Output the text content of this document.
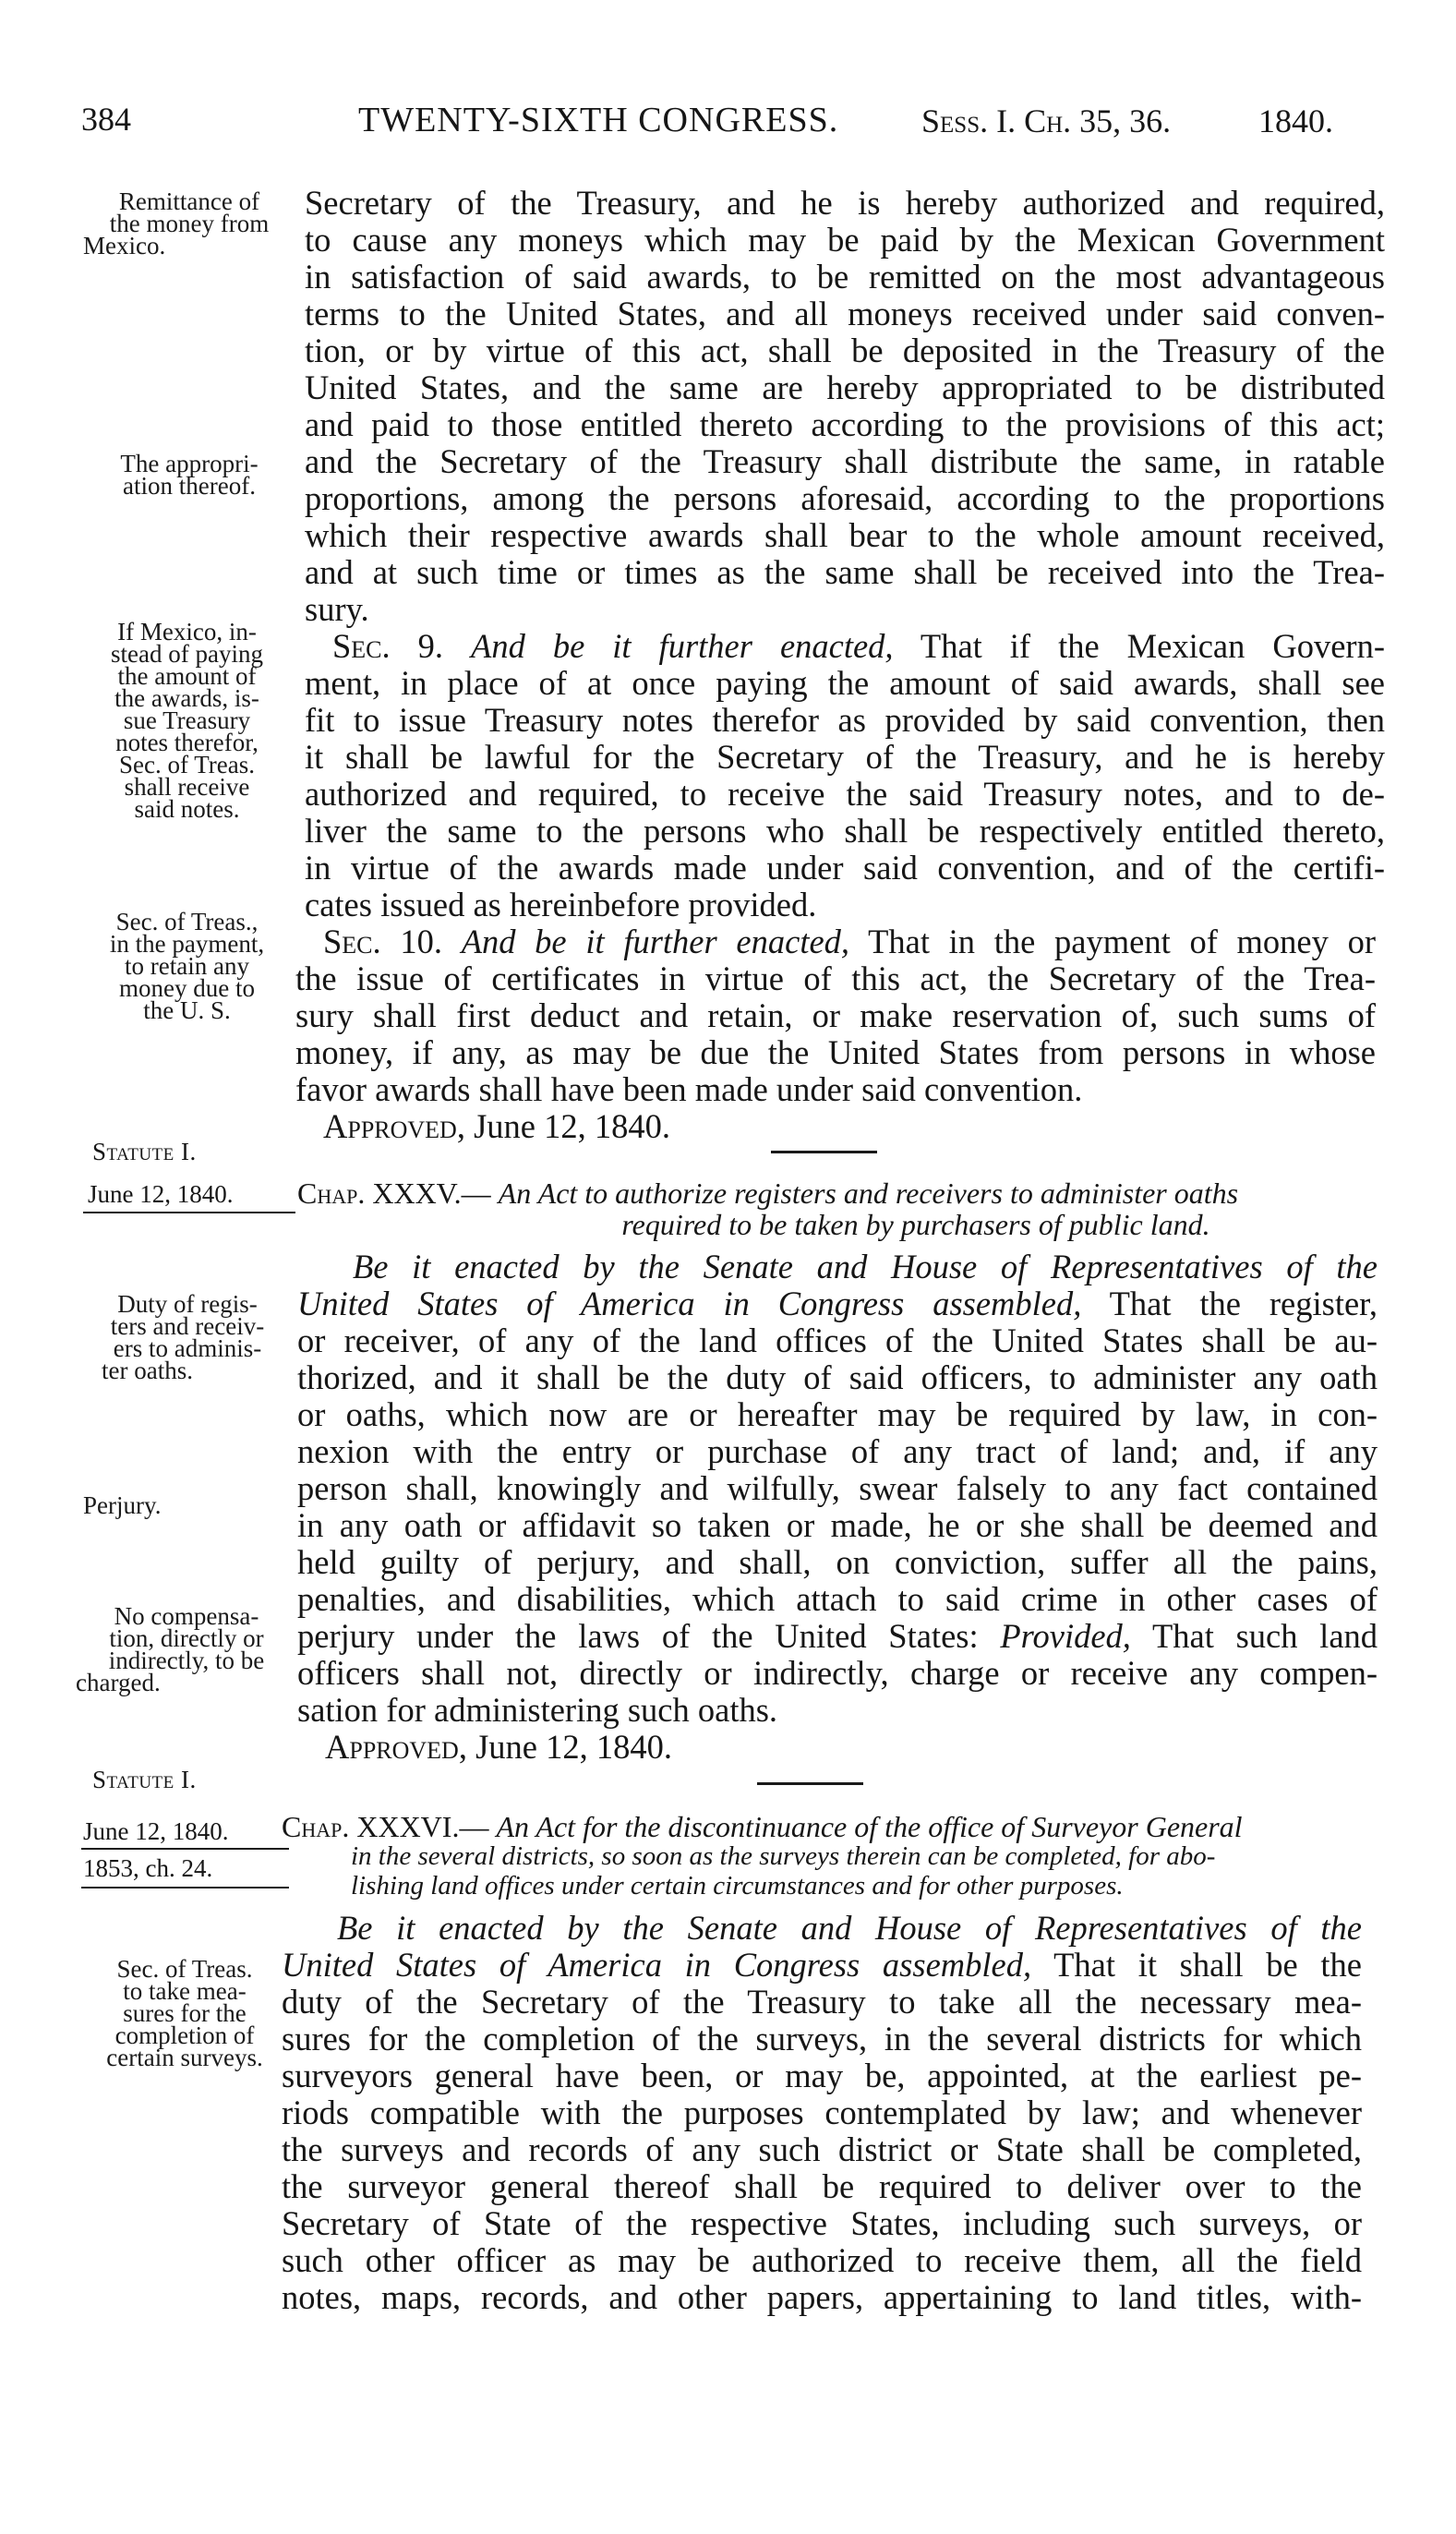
384	TWENTY-SIXTH CONGRESS. Sess. I. Ch. 35, 36.	1840.
Remittance of
the money from
Mexico.
The appropri-
ation thereof.
If Mexico, in-
stead of paying
the amount of
the awards, is-
sue Treasury
notes therefor,
Sec. of Treas.
shall receive
said notes.
Sec. of Treas.,
in the payment,
to retain any
money due to
the U. S.
Statute I.
June 12, 1840.
Duty of regis-
ters and receiv-
ers to adminis-
ter oaths.
Perjury.
No compensa-
tion, directly or
indirectly, to be
charged.
Statute I.
June 12, 1840.
1853, ch. 24.
Sec. of Treas.
to take mea-
sures for the
completion of
certain surveys.
Secretary of the Treasury, and he is hereby authorized and required,
to cause any moneys which may be paid by the Mexican Government
in satisfaction of said awards, to be remitted on the most advantageous
terms to the United States, and all moneys received under said conven-
tion, or by virtue of this act, shall be deposited in the Treasury of the
United States, and the same are hereby appropriated to be distributed
and paid to those entitled thereto according to the provisions of this act;
and the Secretary of the Treasury shall distribute the same, in ratable
proportions, among the persons aforesaid, according to the proportions
which their respective awards shall bear to the whole amount received,
and at such time or times as the same shall be received into the Trea-
sury.
Sec. 9. And be it further enacted, That if the Mexican Govern-
ment, in place of at once paying the amount of said awards, shall see
fit to issue Treasury notes therefor as provided by said convention, then
it shall be lawful for the Secretary of the Treasury, and he is hereby
authorized and required, to receive the said Treasury notes, and to de-
liver the same to the persons who shall be respectively entitled thereto,
in virtue of the awards made under said convention, and of the certifi-
cates issued as hereinbefore provided.
Sec. 10. And be it further enacted, That in the payment of money or
the issue of certificates in virtue of this act, the Secretary of the Trea-
sury shall first deduct and retain, or make reservation of, such sums of
money, if any, as may be due the United States from persons in whose
favor awards shall have been made under said convention.
Approved, June 12, 1840.
Chap. XXXV.— An Act to authorize registers and receivers to administer oaths
required to be taken by purchasers of public land.
Be it enacted by the Senate and House of Representatives of the
United States of America in Congress assembled, That the register,
or receiver, of any of the land offices of the United States shall be au-
thorized, and it shall be the duty of said officers, to administer any oath
or oaths, which now are or hereafter may be required by law, in con-
nexion with the entry or purchase of any tract of land; and, if any
person shall, knowingly and wilfully, swear falsely to any fact contained
in any oath or affidavit so taken or made, he or she shall be deemed and
held guilty of perjury, and shall, on conviction, suffer all the pains,
penalties, and disabilities, which attach to said crime in other cases of
perjury under the laws of the United States: Provided, That such land
officers shall not, directly or indirectly, charge or receive any compen-
sation for administering such oaths.
Approved, June 12, 1840.
Chap. XXXVI.— An Act for the discontinuance of the office of Surveyor General
in the several districts, so soon as the surveys therein can be completed, for abo-
lishing land offices under certain circumstances and for other purposes.
Be it enacted by the Senate and House of Representatives of the
United States of America in Congress assembled, That it shall be the
duty of the Secretary of the Treasury to take all the necessary mea-
sures for the completion of the surveys, in the several districts for which
surveyors general have been, or may be, appointed, at the earliest pe-
riods compatible with the purposes contemplated by law; and whenever
the surveys and records of any such district or State shall be completed,
the surveyor general thereof shall be required to deliver over to the
Secretary of State of the respective States, including such surveys, or
such other officer as may be authorized to receive them, all the field
notes, maps, records, and other papers, appertaining to land titles, with-
